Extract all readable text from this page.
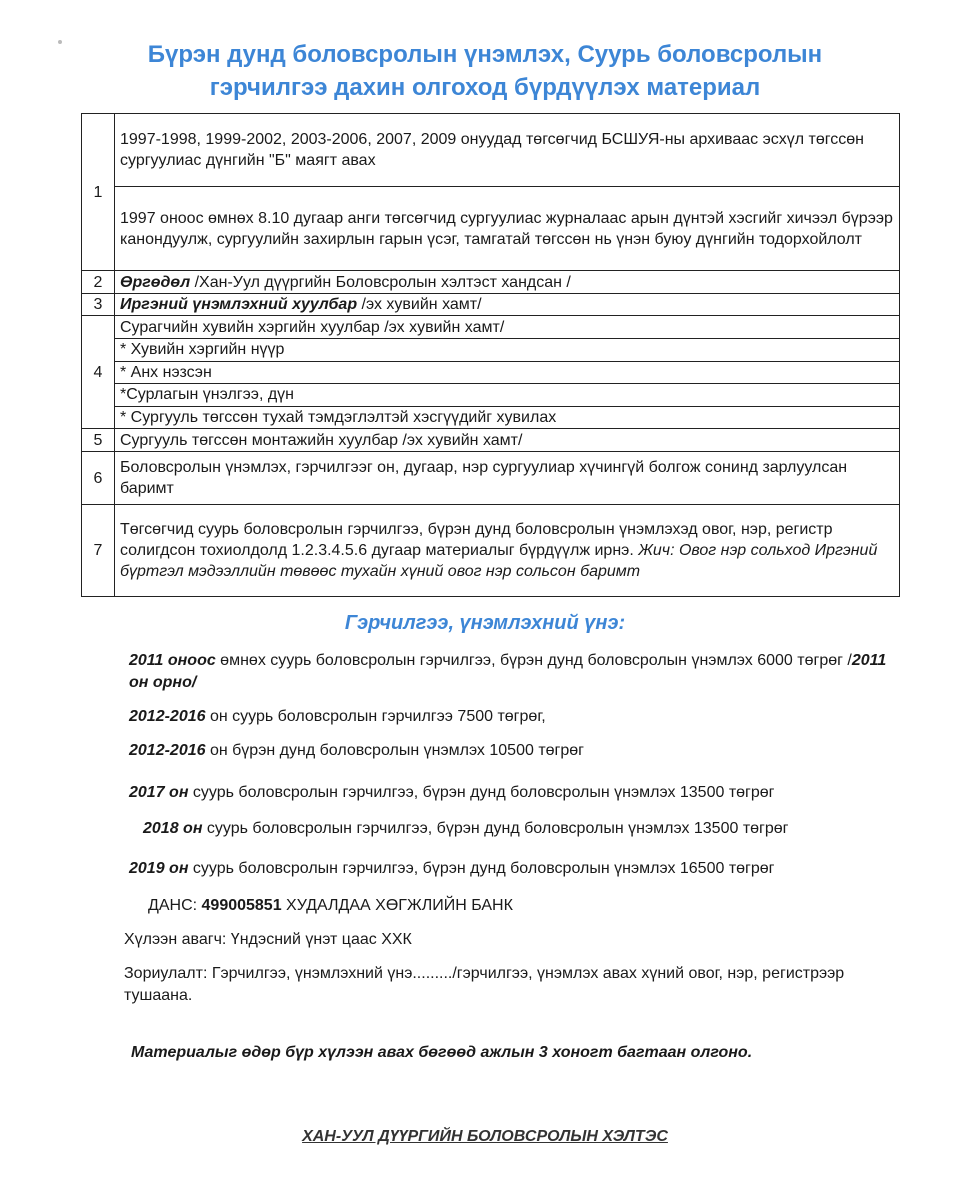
Бүрэн дунд боловсролын үнэмлэх, Суурь боловсролын
гэрчилгээ дахин олгоход бүрдүүлэх материал
1	1997-1998, 1999-2002, 2003-2006, 2007, 2009 онуудад төгсөгчид БСШУЯ-ны архиваас эсхүл төгссөн сургуулиас дүнгийн "Б" маягт авах
	1997 оноос өмнөх 8.10 дугаар анги төгсөгчид сургуулиас журналаас арын дүнтэй хэсгийг хичээл бүрээр канондуулж, сургуулийн захирлын гарын үсэг, тамгатай төгссөн нь үнэн буюу дүнгийн тодорхойлолт
2	Өргөдөл /Хан-Уул дүүргийн Боловсролын хэлтэст хандсан /
3	Иргэний үнэмлэхний хуулбар /эх хувийн хамт/
4	Сурагчийн хувийн хэргийн хуулбар /эх хувийн хамт/
	* Хувийн хэргийн нүүр
	* Анх нэзсэн
	*Сурлагын үнэлгээ, дүн
	* Сургууль төгссөн тухай тэмдэглэлтэй хэсгүүдийг хувилах
5	Сургууль төгссөн монтажийн хуулбар /эх хувийн хамт/
6	Боловсролын үнэмлэх, гэрчилгээг он, дугаар, нэр сургуулиар хүчингүй болгож сонинд зарлуулсан баримт
7	Төгсөгчид суурь боловсролын гэрчилгээ, бүрэн дунд боловсролын үнэмлэхэд овог, нэр, регистр солигдсон тохиолдолд 1.2.3.4.5.6 дугаар материалыг бүрдүүлж ирнэ. Жич: Овог нэр сольход Иргэний бүртгэл мэдээллийн төвөөс тухайн хүний овог нэр сольсон баримт
Гэрчилгээ, үнэмлэхний үнэ:
2011 оноос өмнөх суурь боловсролын гэрчилгээ, бүрэн дунд боловсролын үнэмлэх 6000 төгрөг /2011 он орно/
2012-2016 он суурь боловсролын гэрчилгээ 7500 төгрөг,
2012-2016 он бүрэн дунд боловсролын үнэмлэх 10500 төгрөг
2017 он суурь боловсролын гэрчилгээ, бүрэн дунд боловсролын үнэмлэх 13500 төгрөг
2018 он суурь боловсролын гэрчилгээ, бүрэн дунд боловсролын үнэмлэх 13500 төгрөг
2019 он суурь боловсролын гэрчилгээ, бүрэн дунд боловсролын үнэмлэх 16500 төгрөг
ДАНС: 499005851 ХУДАЛДАА ХӨГЖЛИЙН БАНК
Хүлээн авагч: Үндэсний үнэт цаас ХХК
Зориулалт: Гэрчилгээ, үнэмлэхний үнэ........./гэрчилгээ, үнэмлэх авах хүний овог, нэр, регистрээр тушаана.
Материалыг өдөр бүр хүлээн авах бөгөөд ажлын 3 хоногт багтаан олгоно.
ХАН-УУЛ ДҮҮРГИЙН БОЛОВСРОЛЫН ХЭЛТЭС
